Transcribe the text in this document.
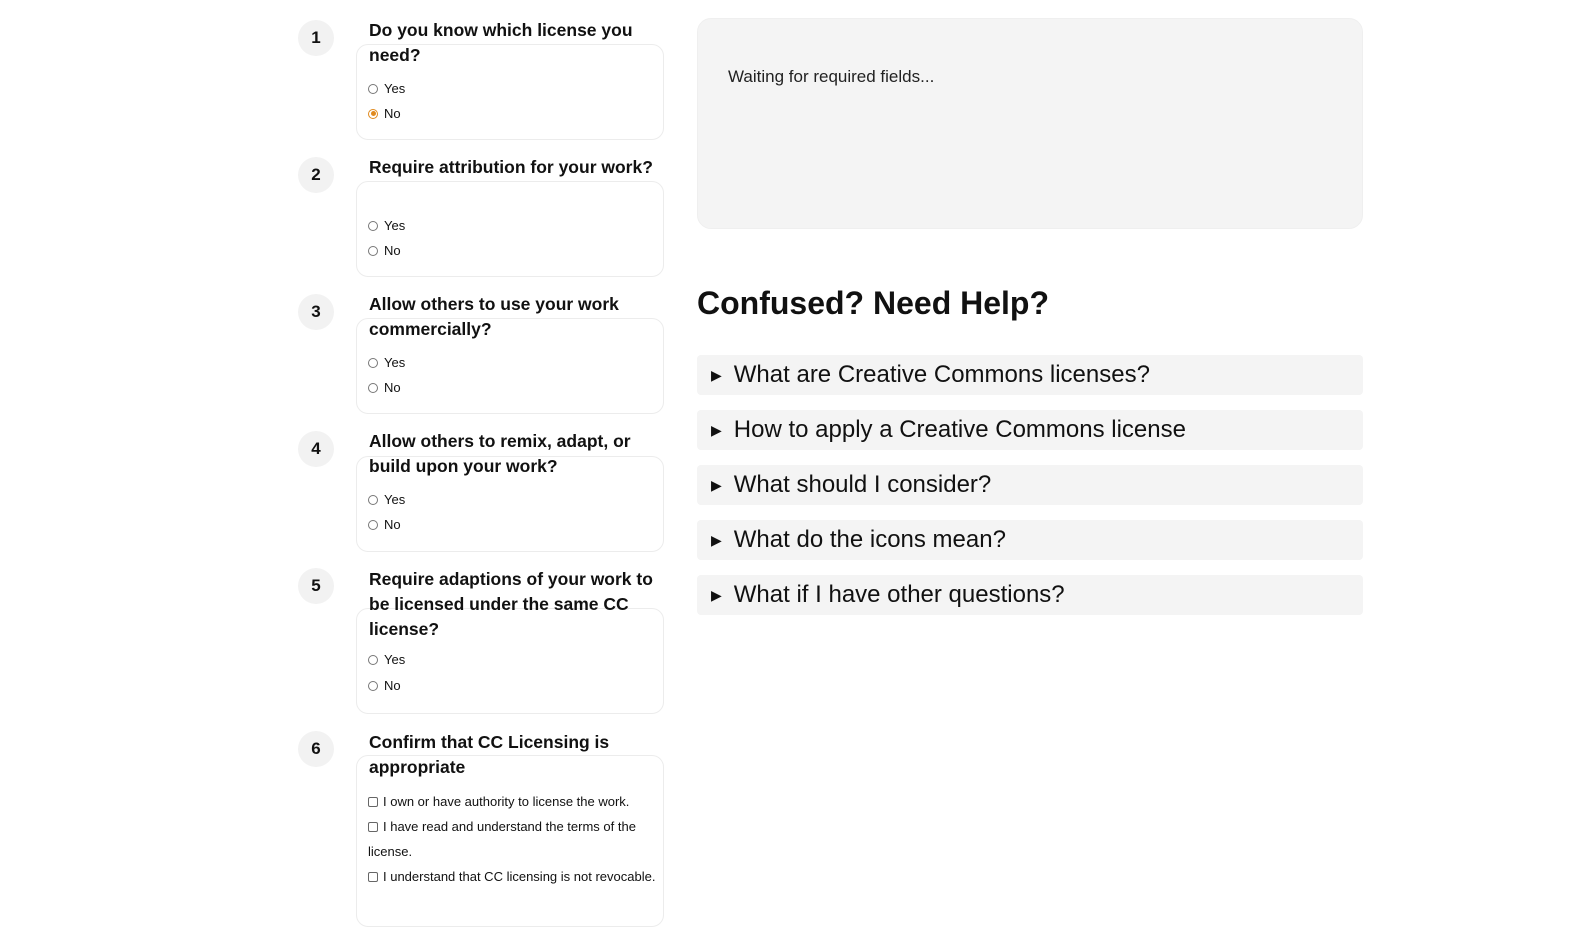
1	Do you know which license you need?
Yes
No
2	Require attribution for your work?
Yes
No
3	Allow others to use your work commercially?
Yes
No
4	Allow others to remix, adapt, or build upon your work?
Yes
No
5	Require adaptions of your work to be licensed under the same CC license?
Yes
No
6	Confirm that CC Licensing is appropriate
I own or have authority to license the work.
I have read and understand the terms of the license.
I understand that CC licensing is not revocable.
Waiting for required fields...
Confused? Need Help?
▶ What are Creative Commons licenses?
▶ How to apply a Creative Commons license
▶ What should I consider?
▶ What do the icons mean?
▶ What if I have other questions?
